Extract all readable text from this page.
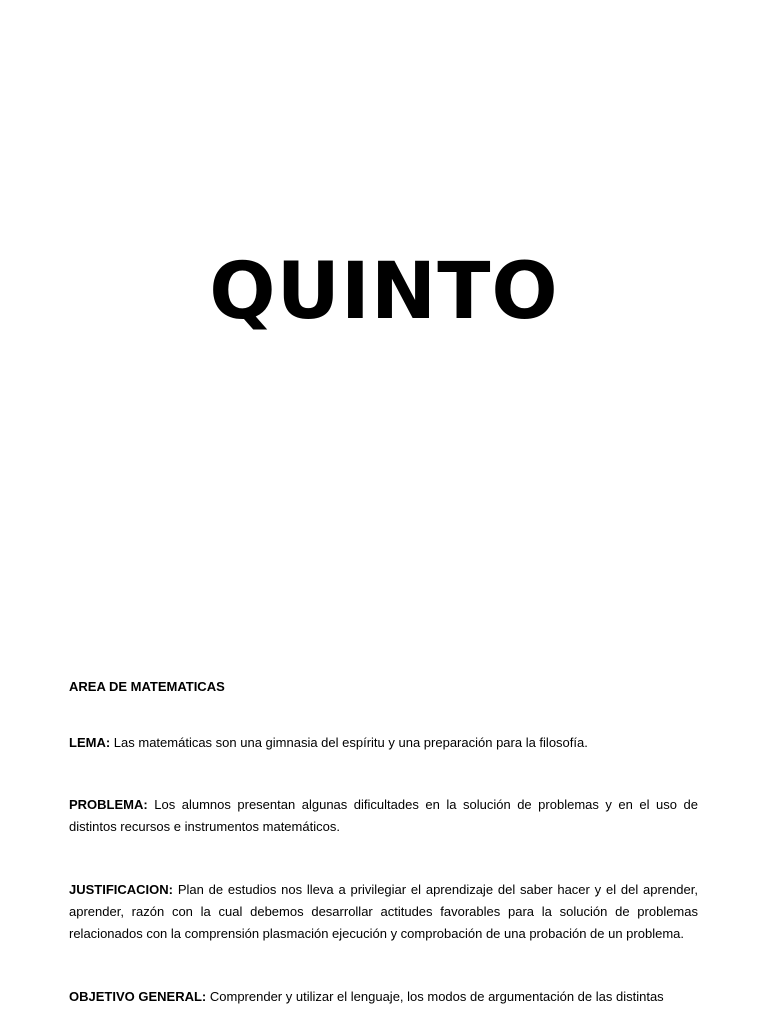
QUINTO

AREA DE MATEMATICAS

LEMA: Las matemáticas son una gimnasia del espíritu y una preparación para la filosofía.

PROBLEMA: Los alumnos presentan algunas dificultades en la solución de problemas y en el uso de distintos recursos e instrumentos matemáticos.

JUSTIFICACION: Plan de estudios nos lleva a privilegiar el aprendizaje del saber hacer y el del aprender, aprender, razón con la cual debemos desarrollar actitudes favorables para la solución de problemas relacionados con la comprensión plasmación ejecución y comprobación de una probación de un problema.

OBJETIVO GENERAL: Comprender y utilizar el lenguaje, los modos de argumentación de las distintas
